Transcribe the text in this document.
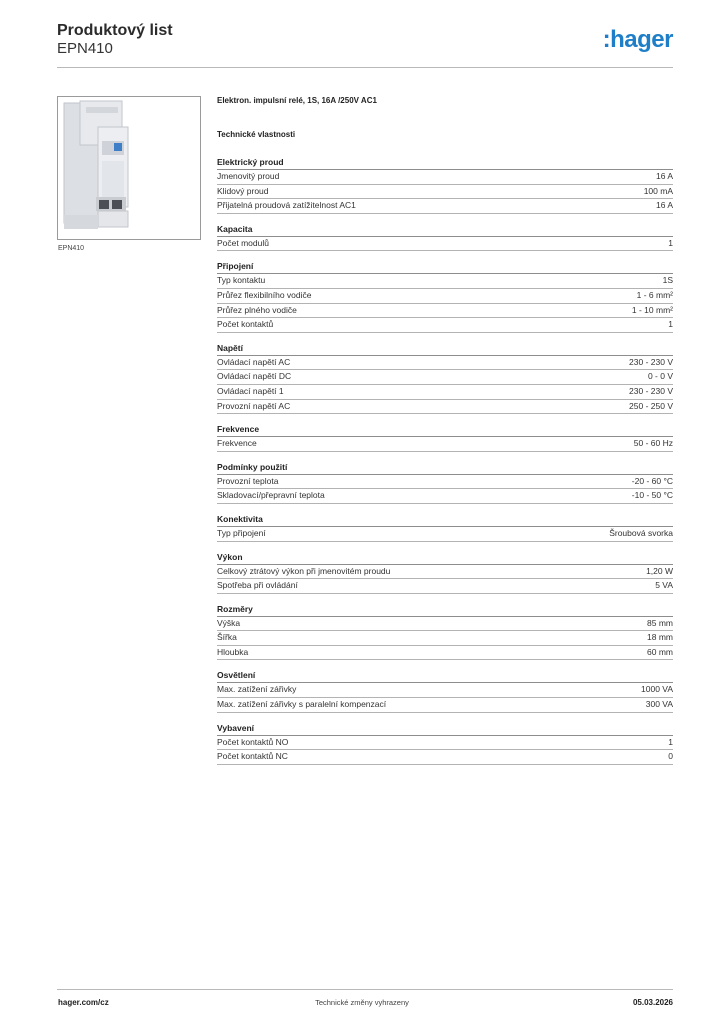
Produktový list
EPN410	:hager
EPN410
Elektron. impulsní relé, 1S, 16A /250V AC1
Technické vlastnosti
Elektrický proud
Jmenovitý proud	16 A
Klidový proud	100 mA
Přijatelná proudová zatížitelnost AC1	16 A
Kapacita
Počet modulů	1
Připojení
Typ kontaktu	1S
Průřez flexibilního vodiče	1 - 6 mm²
Průřez plného vodiče	1 - 10 mm²
Počet kontaktů	1
Napětí
Ovládací napětí AC	230 - 230 V
Ovládací napětí DC	0 - 0 V
Ovládací napětí 1	230 - 230 V
Provozní napětí AC	250 - 250 V
Frekvence
Frekvence	50 - 60 Hz
Podmínky použití
Provozní teplota	-20 - 60 °C
Skladovací/přepravní teplota	-10 - 50 °C
Konektivita
Typ připojení	Šroubová svorka
Výkon
Celkový ztrátový výkon při jmenovitém proudu	1,20 W
Spotřeba při ovládání	5 VA
Rozměry
Výška	85 mm
Šířka	18 mm
Hloubka	60 mm
Osvětlení
Max. zatížení zářivky	1000 VA
Max. zatížení zářivky s paralelní kompenzací	300 VA
Vybavení
Počet kontaktů NO	1
Počet kontaktů NC	0
hager.com/cz	Technické změny vyhrazeny	05.03.2026
